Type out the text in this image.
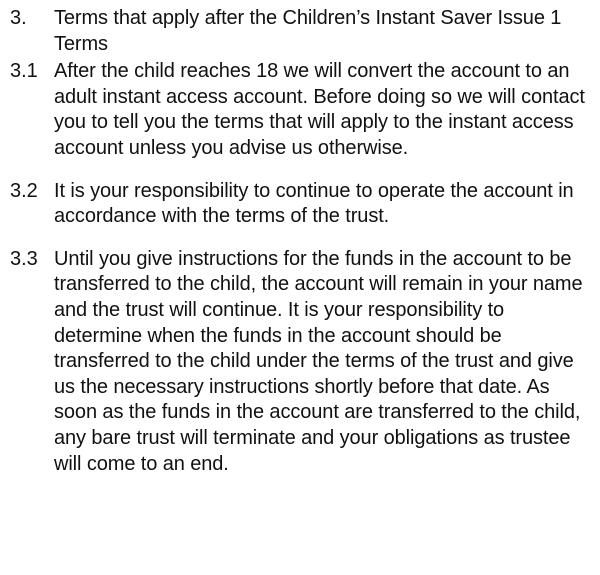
3.	Terms that apply after the Children’s Instant Saver Issue 1 Terms
3.1 After the child reaches 18 we will convert the account to an adult instant access account. Before doing so we will contact you to tell you the terms that will apply to the instant access account unless you advise us otherwise.
3.2 It is your responsibility to continue to operate the account in accordance with the terms of the trust.
3.3 Until you give instructions for the funds in the account to be transferred to the child, the account will remain in your name and the trust will continue. It is your responsibility to determine when the funds in the account should be transferred to the child under the terms of the trust and give us the necessary instructions shortly before that date. As soon as the funds in the account are transferred to the child, any bare trust will terminate and your obligations as trustee will come to an end.
